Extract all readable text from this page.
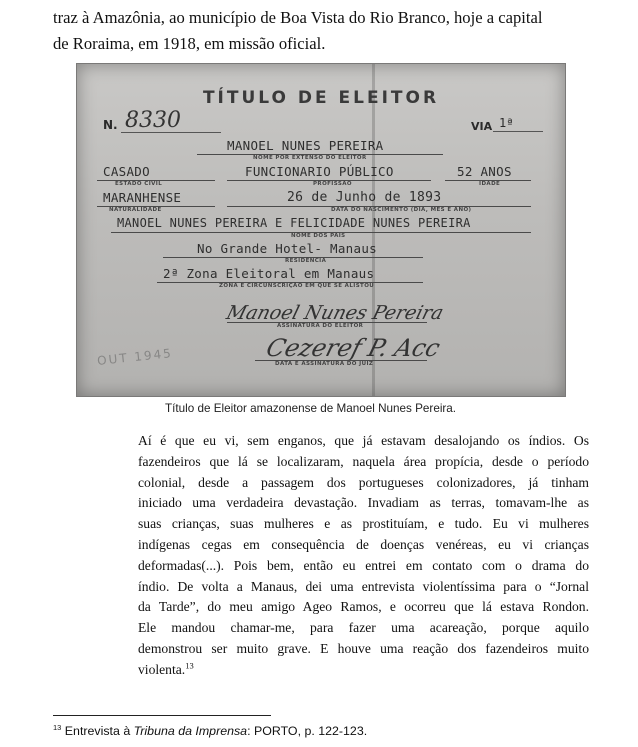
traz à Amazônia, ao município de Boa Vista do Rio Branco, hoje a capital
de Roraima, em 1918, em missão oficial.
TÍTULO DE ELEITOR
N. 8330	VIA 1ª
MANOEL NUNES PEREIRA
NOME POR EXTENSO DO ELEITOR
CASADO
ESTADO CIVIL
FUNCIONARIO PÚBLICO
PROFISSÃO
52 ANOS
IDADE
MARANHENSE
NATURALIDADE
26 de Junho de 1893
DATA DO NASCIMENTO (DIA, MÊS E ANO)
MANOEL NUNES PEREIRA E FELICIDADE NUNES PEREIRA
NOME DOS PAIS
No Grande Hotel- Manaus
RESIDÊNCIA
2ª Zona Eleitoral em Manaus
ZONA E CIRCUNSCRIÇÃO EM QUE SE ALISTOU
Manoel Nunes Pereira
ASSINATURA DO ELEITOR
Cezeref P. Acc
DATA E ASSINATURA DO JUIZ
OUT 1945
Título de Eleitor amazonense de Manoel Nunes Pereira.
Aí é que eu vi, sem enganos, que já estavam desalojando os índios. Os
fazendeiros que lá se localizaram, naquela área propícia, desde o período
colonial, desde a passagem dos portugueses colonizadores, já tinham
iniciado uma verdadeira devastação. Invadiam as terras, tomavam-lhe as
suas crianças, suas mulheres e as prostituíam, e tudo. Eu vi mulheres
indígenas cegas em consequência de doenças venéreas, eu vi crianças
deformadas(...). Pois bem, então eu entrei em contato com o drama do
índio. De volta a Manaus, dei uma entrevista violentíssima para o “Jornal
da Tarde”, do meu amigo Ageo Ramos, e ocorreu que lá estava Rondon.
Ele mandou chamar-me, para fazer uma acareação, porque aquilo
demonstrou ser muito grave. E houve uma reação dos fazendeiros muito
violenta.$^{13}$
$^{13}$ Entrevista à Tribuna da Imprensa: PORTO, p. 122-123.
